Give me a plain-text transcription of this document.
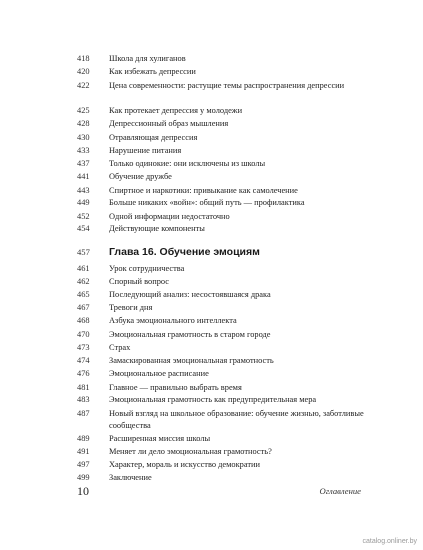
418	Школа для хулиганов
420	Как избежать депрессии
422	Цена современности: растущие темы распространения депрессии
425	Как протекает депрессия у молодежи
428	Депрессионный образ мышления
430	Отравляющая депрессия
433	Нарушение питания
437	Только одинокие: они исключены из школы
441	Обучение дружбе
443	Спиртное и наркотики: привыкание как самолечение
449	Больше никаких «войн»: общий путь — профилактика
452	Одной информации недостаточно
454	Действующие компоненты
457	Глава 16. Обучение эмоциям
461	Урок сотрудничества
462	Спорный вопрос
465	Последующий анализ: несостоявшаяся драка
467	Тревоги дня
468	Азбука эмоционального интеллекта
470	Эмоциональная грамотность в старом городе
473	Страх
474	Замаскированная эмоциональная грамотность
476	Эмоциональное расписание
481	Главное — правильно выбрать время
483	Эмоциональная грамотность как предупредительная мера
487	Новый взгляд на школьное образование: обучение жизнью, заботливые сообщества
489	Расширенная миссия школы
491	Меняет ли дело эмоциональная грамотность?
497	Характер, мораль и искусство демократии
499	Заключение
10	Оглавление
catalog.onliner.by
